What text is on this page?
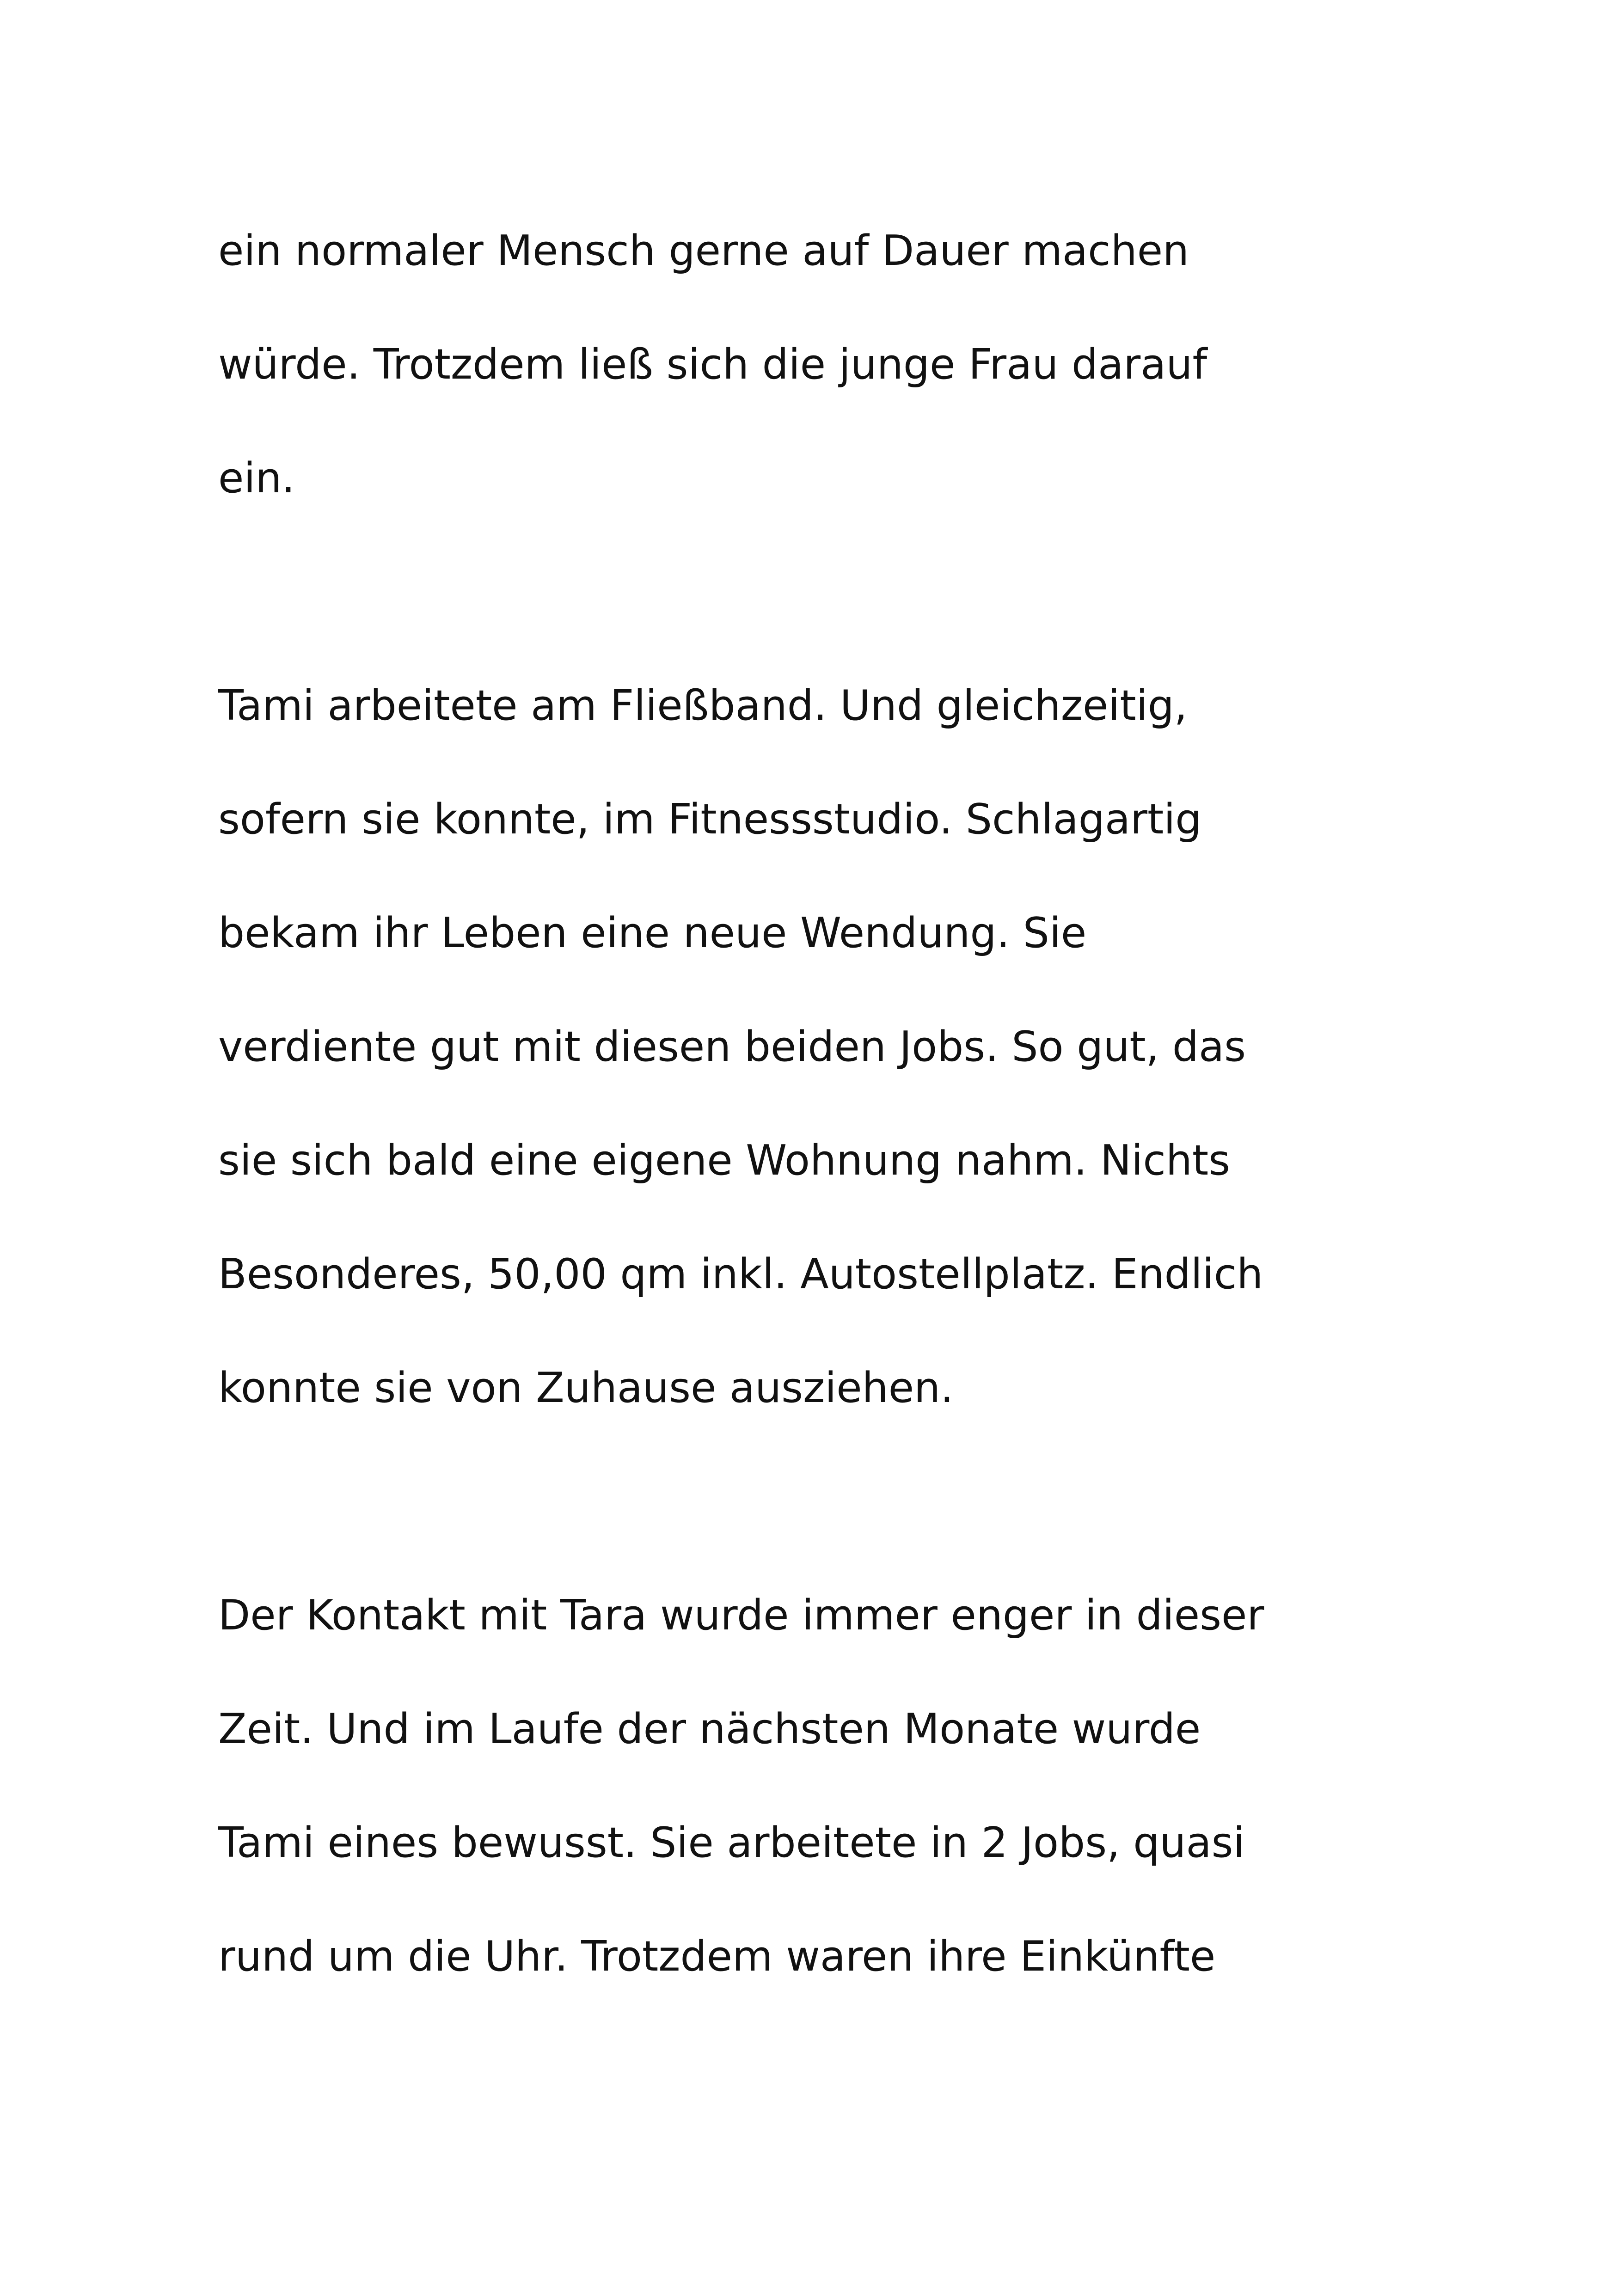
ein normaler Mensch gerne auf Dauer machen
würde. Trotzdem ließ sich die junge Frau darauf
ein.
Tami arbeitete am Fließband. Und gleichzeitig,
sofern sie konnte, im Fitnessstudio. Schlagartig
bekam ihr Leben eine neue Wendung. Sie
verdiente gut mit diesen beiden Jobs. So gut, das
sie sich bald eine eigene Wohnung nahm. Nichts
Besonderes, 50,00 qm inkl. Autostellplatz. Endlich
konnte sie von Zuhause ausziehen.
Der Kontakt mit Tara wurde immer enger in dieser
Zeit. Und im Laufe der nächsten Monate wurde
Tami eines bewusst. Sie arbeitete in 2 Jobs, quasi
rund um die Uhr. Trotzdem waren ihre Einkünfte
